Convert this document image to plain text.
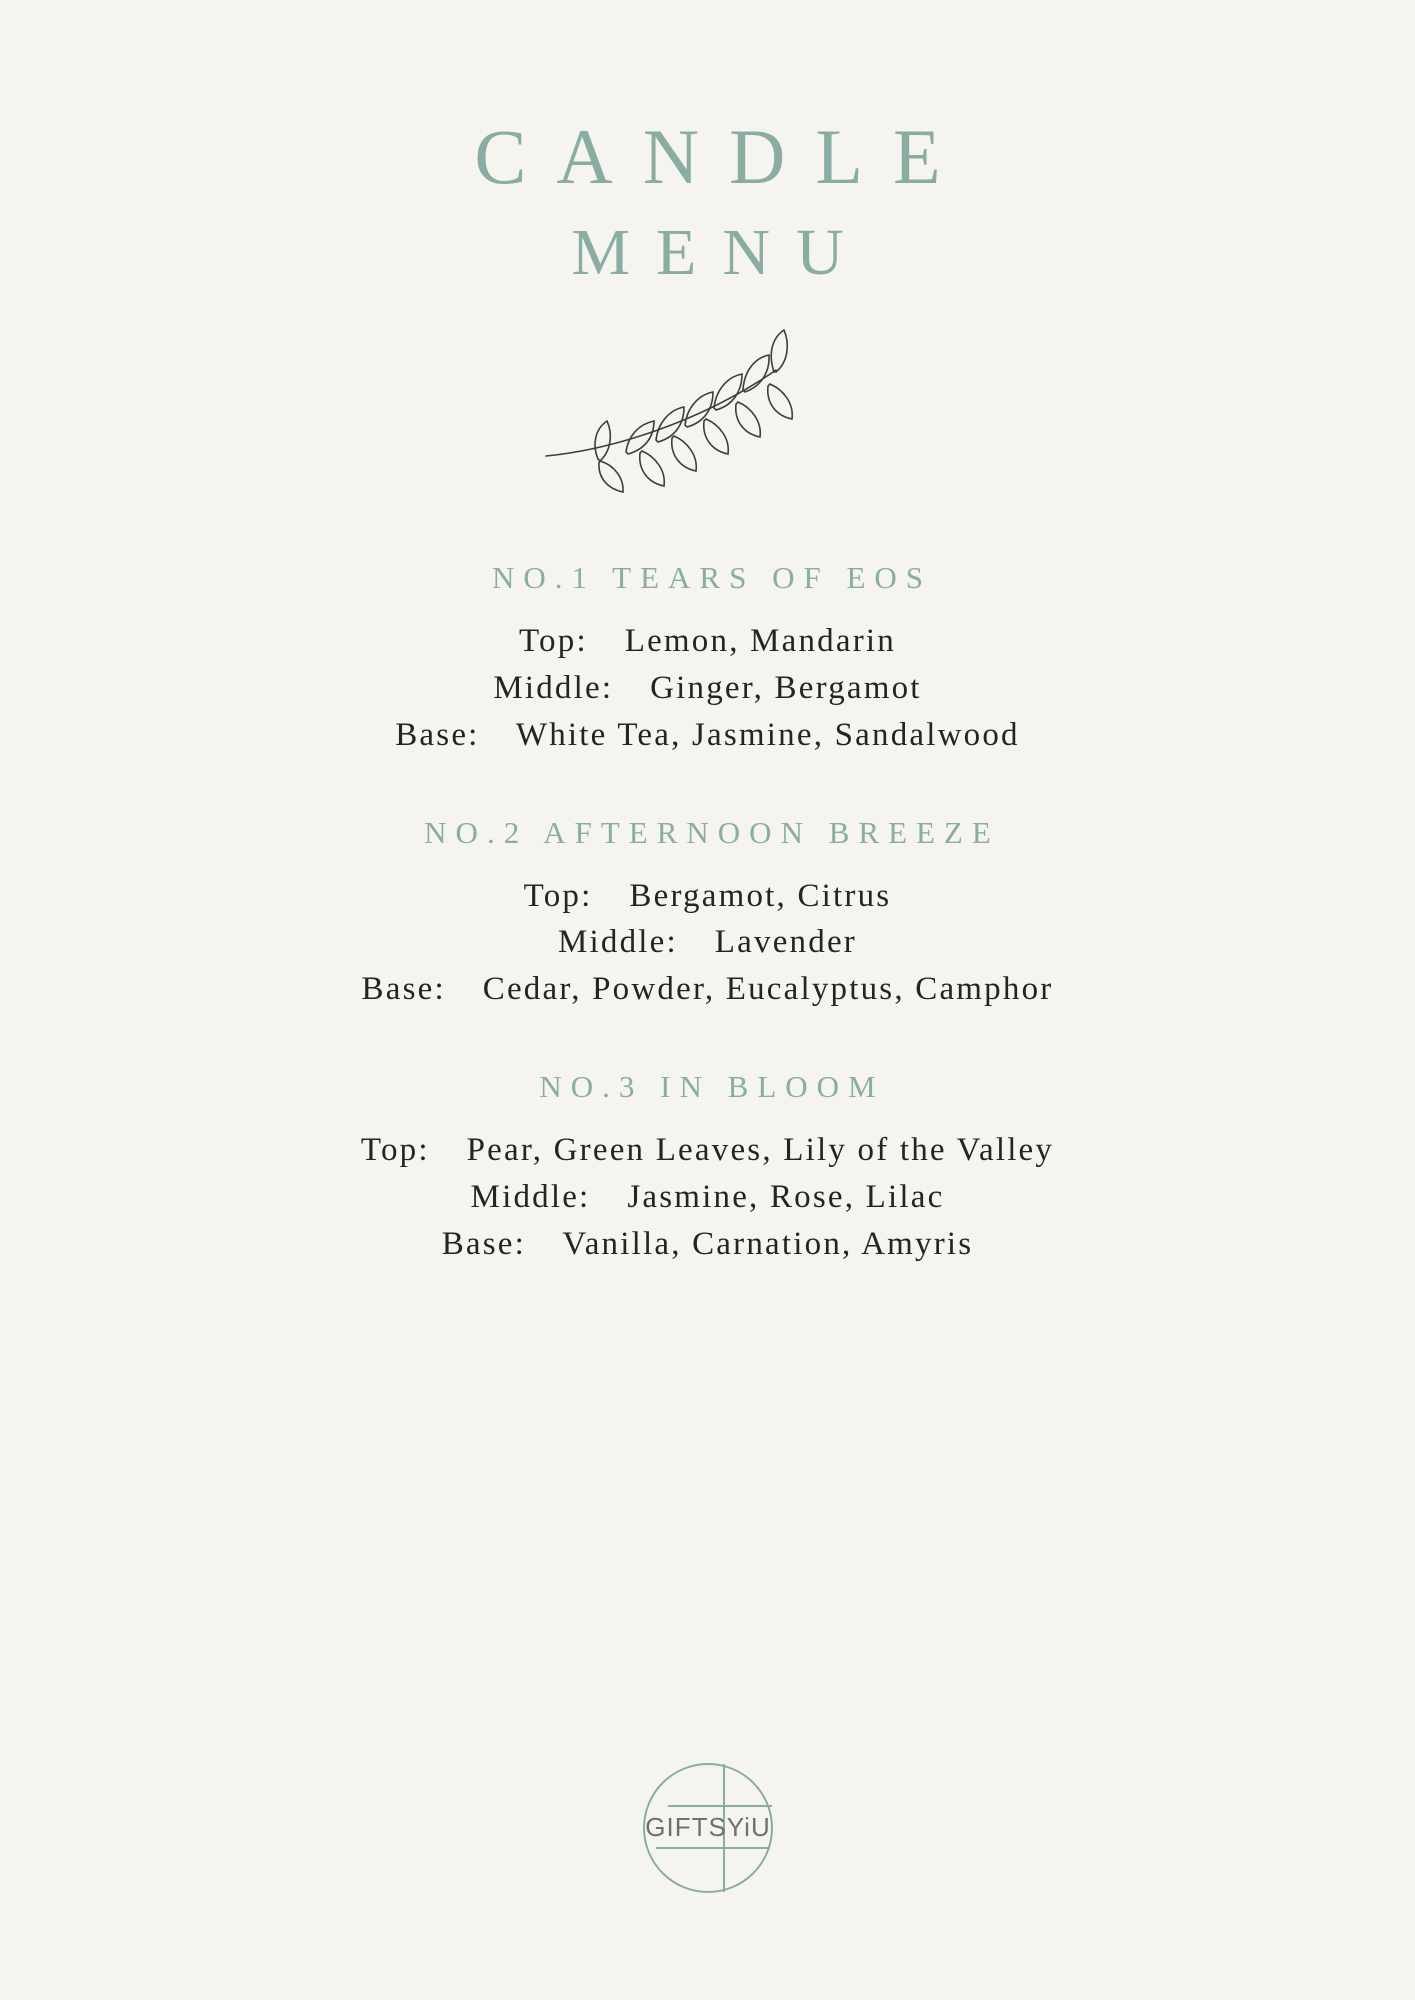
CANDLE
MENU
NO.1 TEARS OF EOS
Top: Lemon, Mandarin
Middle: Ginger, Bergamot
Base: White Tea, Jasmine, Sandalwood
NO.2 AFTERNOON BREEZE
Top: Bergamot, Citrus
Middle: Lavender
Base: Cedar, Powder, Eucalyptus, Camphor
NO.3 IN BLOOM
Top: Pear, Green Leaves, Lily of the Valley
Middle: Jasmine, Rose, Lilac
Base: Vanilla, Carnation, Amyris
GIFTSYiU
